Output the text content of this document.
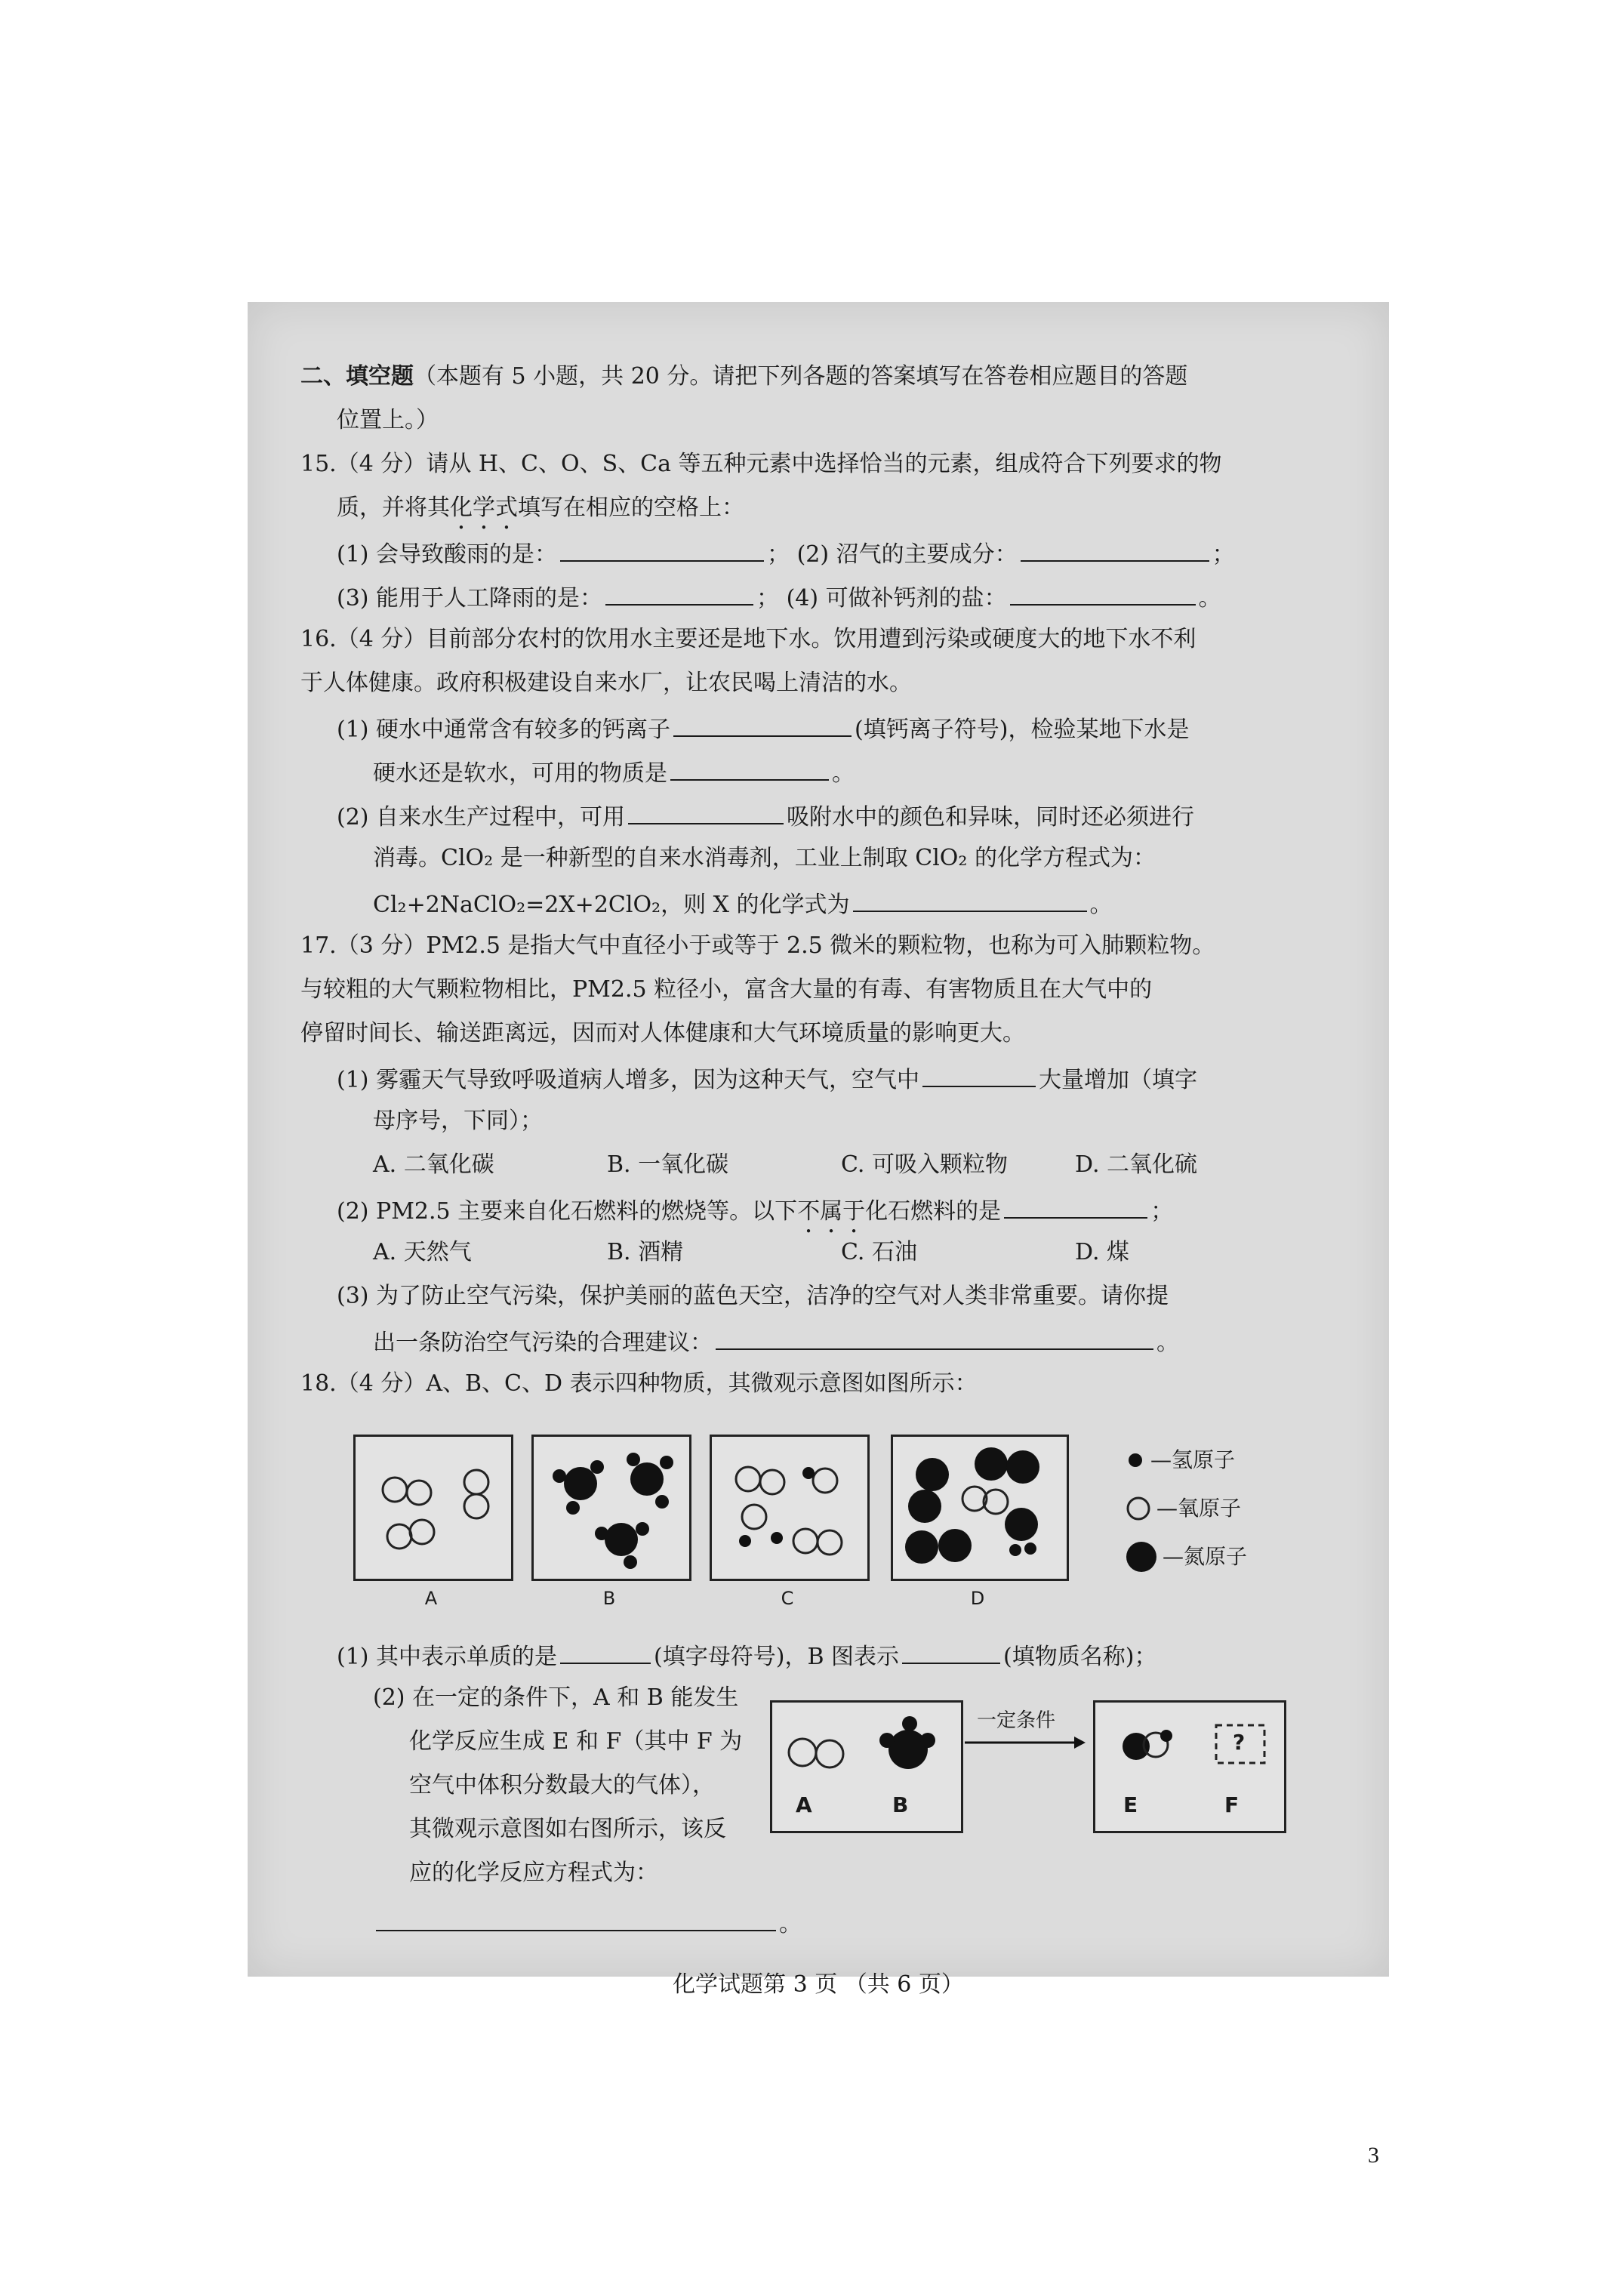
二、填空题（本题有 5 小题，共 20 分。请把下列各题的答案填写在答卷相应题目的答题
位置上。）
15.（4 分）请从 H、C、O、S、Ca 等五种元素中选择恰当的元素，组成符合下列要求的物
质，并将其化学式填写在相应的空格上：
(1) 会导致酸雨的是：	； (2) 沼气的主要成分：	；
(3) 能用于人工降雨的是：	； (4) 可做补钙剂的盐：	。
16.（4 分）目前部分农村的饮用水主要还是地下水。饮用遭到污染或硬度大的地下水不利
于人体健康。政府积极建设自来水厂，让农民喝上清洁的水。
(1) 硬水中通常含有较多的钙离子	(填钙离子符号)，检验某地下水是
硬水还是软水，可用的物质是	。
(2) 自来水生产过程中，可用	吸附水中的颜色和异味，同时还必须进行
消毒。ClO₂ 是一种新型的自来水消毒剂，工业上制取 ClO₂ 的化学方程式为：
Cl₂+2NaClO₂=2X+2ClO₂，则 X 的化学式为	。
17.（3 分）PM2.5 是指大气中直径小于或等于 2.5 微米的颗粒物，也称为可入肺颗粒物。
与较粗的大气颗粒物相比，PM2.5 粒径小，富含大量的有毒、有害物质且在大气中的
停留时间长、输送距离远，因而对人体健康和大气环境质量的影响更大。
(1) 雾霾天气导致呼吸道病人增多，因为这种天气，空气中	大量增加（填字
母序号，下同）；
A. 二氧化碳	B. 一氧化碳	C. 可吸入颗粒物	D. 二氧化硫
(2) PM2.5 主要来自化石燃料的燃烧等。以下不属于化石燃料的是	；
A. 天然气	B. 酒精	C. 石油	D. 煤
(3) 为了防止空气污染，保护美丽的蓝色天空，洁净的空气对人类非常重要。请你提
出一条防治空气污染的合理建议：	。
18.（4 分）A、B、C、D 表示四种物质，其微观示意图如图所示：
A	B	C	D
—氢原子
—氧原子
—氮原子
(1) 其中表示单质的是	(填字母符号)，B 图表示	(填物质名称)；
(2) 在一定的条件下，A 和 B 能发生
化学反应生成 E 和 F（其中 F 为
空气中体积分数最大的气体），
其微观示意图如右图所示，该反
应的化学反应方程式为：
A	B
一定条件
?
E	F
。
化学试题第 3 页 （共 6 页）
3
